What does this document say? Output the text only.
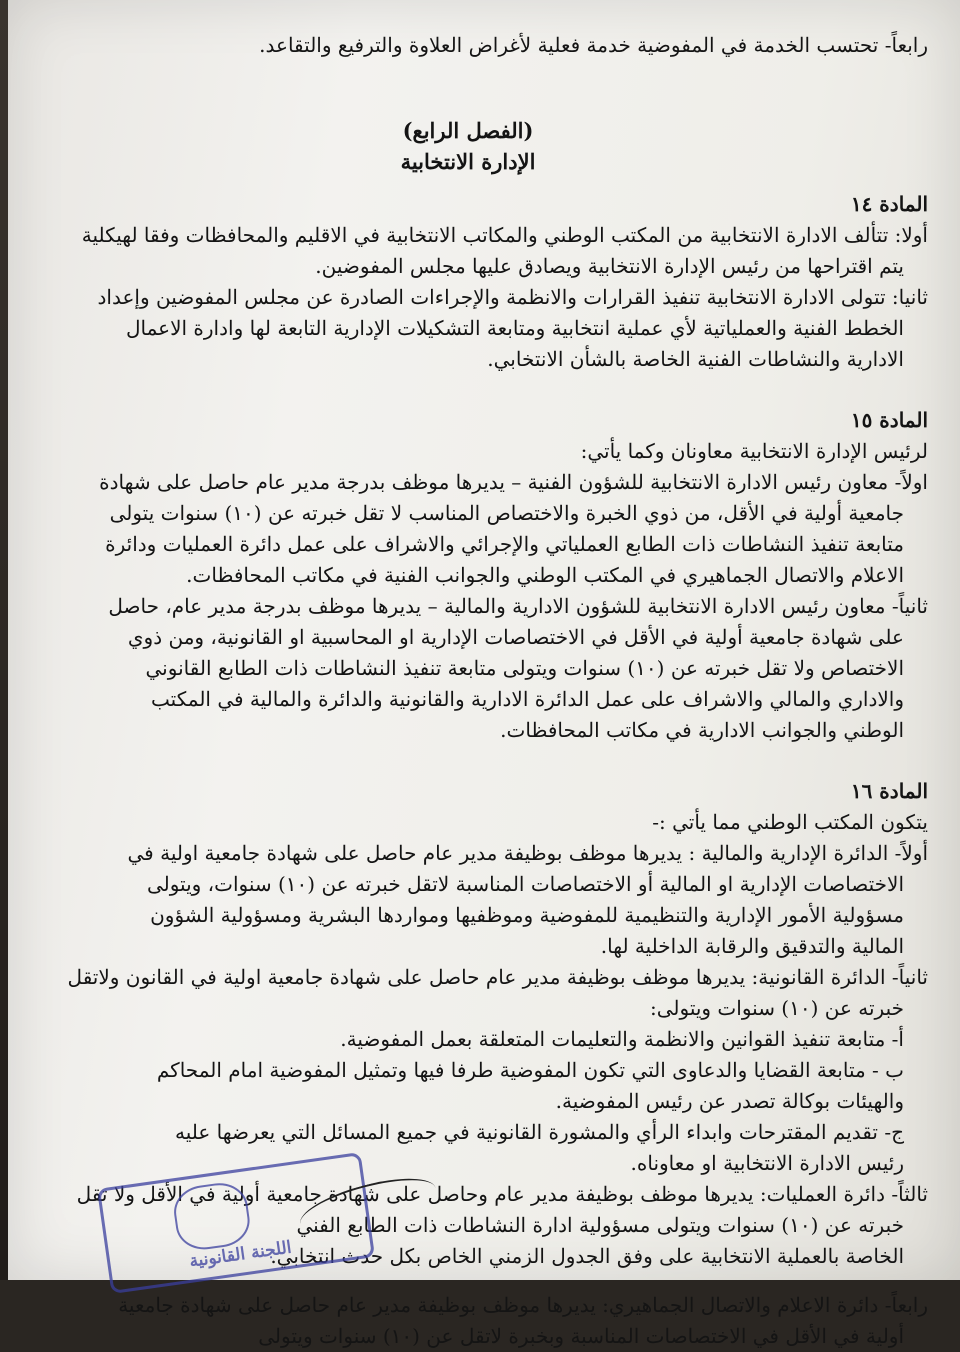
رابعاً- تحتسب الخدمة في المفوضية خدمة فعلية لأغراض العلاوة والترفيع والتقاعد.
(الفصل الرابع)
الإدارة الانتخابية
المادة ١٤
أولا: تتألف الادارة الانتخابية من المكتب الوطني والمكاتب الانتخابية في الاقليم والمحافظات وفقا لهيكلية
يتم اقتراحها من رئيس الإدارة الانتخابية ويصادق عليها مجلس المفوضين.
ثانيا: تتولى الادارة الانتخابية تنفيذ القرارات والانظمة والإجراءات الصادرة عن مجلس المفوضين وإعداد
الخطط الفنية والعملياتية لأي عملية انتخابية ومتابعة التشكيلات الإدارية التابعة لها وادارة الاعمال
الادارية والنشاطات الفنية الخاصة بالشأن الانتخابي.
المادة ١٥
لرئيس الإدارة الانتخابية معاونان وكما يأتي:
اولاً- معاون رئيس الادارة الانتخابية للشؤون الفنية – يديرها موظف بدرجة مدير عام حاصل على شهادة
جامعية أولية في الأقل، من ذوي الخبرة والاختصاص المناسب لا تقل خبرته عن (١٠) سنوات يتولى
متابعة تنفيذ النشاطات ذات الطابع العملياتي والإجرائي والاشراف على عمل دائرة العمليات ودائرة
الاعلام والاتصال الجماهيري في المكتب الوطني والجوانب الفنية في مكاتب المحافظات.
ثانياً- معاون رئيس الادارة الانتخابية للشؤون الادارية والمالية – يديرها موظف بدرجة مدير عام، حاصل
على شهادة جامعية أولية في الأقل في الاختصاصات الإدارية او المحاسبية او القانونية، ومن ذوي
الاختصاص ولا تقل خبرته عن (١٠) سنوات ويتولى متابعة تنفيذ النشاطات ذات الطابع القانوني
والاداري والمالي والاشراف على عمل الدائرة الادارية والقانونية والدائرة والمالية في المكتب
الوطني والجوانب الادارية في مكاتب المحافظات.
المادة ١٦
يتكون المكتب الوطني مما يأتي :-
أولاً- الدائرة الإدارية والمالية : يديرها موظف بوظيفة مدير عام حاصل على شهادة جامعية اولية في
الاختصاصات الإدارية او المالية أو الاختصاصات المناسبة لاتقل خبرته عن (١٠) سنوات، ويتولى
مسؤولية الأمور الإدارية والتنظيمية للمفوضية وموظفيها ومواردها البشرية ومسؤولية الشؤون
المالية والتدقيق والرقابة الداخلية لها.
ثانياً- الدائرة القانونية: يديرها موظف بوظيفة مدير عام حاصل على شهادة جامعية اولية في القانون ولاتقل
خبرته عن (١٠) سنوات ويتولى:
أ- متابعة تنفيذ القوانين والانظمة والتعليمات المتعلقة بعمل المفوضية.
ب - متابعة القضايا والدعاوى التي تكون المفوضية طرفا فيها وتمثيل المفوضية امام المحاكم
والهيئات بوكالة تصدر عن رئيس المفوضية.
ج- تقديم المقترحات وابداء الرأي والمشورة القانونية في جميع المسائل التي يعرضها عليه
رئيس الادارة الانتخابية او معاوناه.
ثالثاً- دائرة العمليات: يديرها موظف بوظيفة مدير عام وحاصل على شهادة جامعية أولية في الأقل ولا تقل
خبرته عن (١٠) سنوات ويتولى مسؤولية ادارة النشاطات ذات الطابع الفني
الخاصة بالعملية الانتخابية على وفق الجدول الزمني الخاص بكل حدث انتخابي.
رابعاً- دائرة الاعلام والاتصال الجماهيري: يديرها موظف بوظيفة مدير عام حاصل على شهادة جامعية
أولية في الأقل في الاختصاصات المناسبة وبخبرة لاتقل عن (١٠) سنوات ويتولى
اللجنة القانونية
